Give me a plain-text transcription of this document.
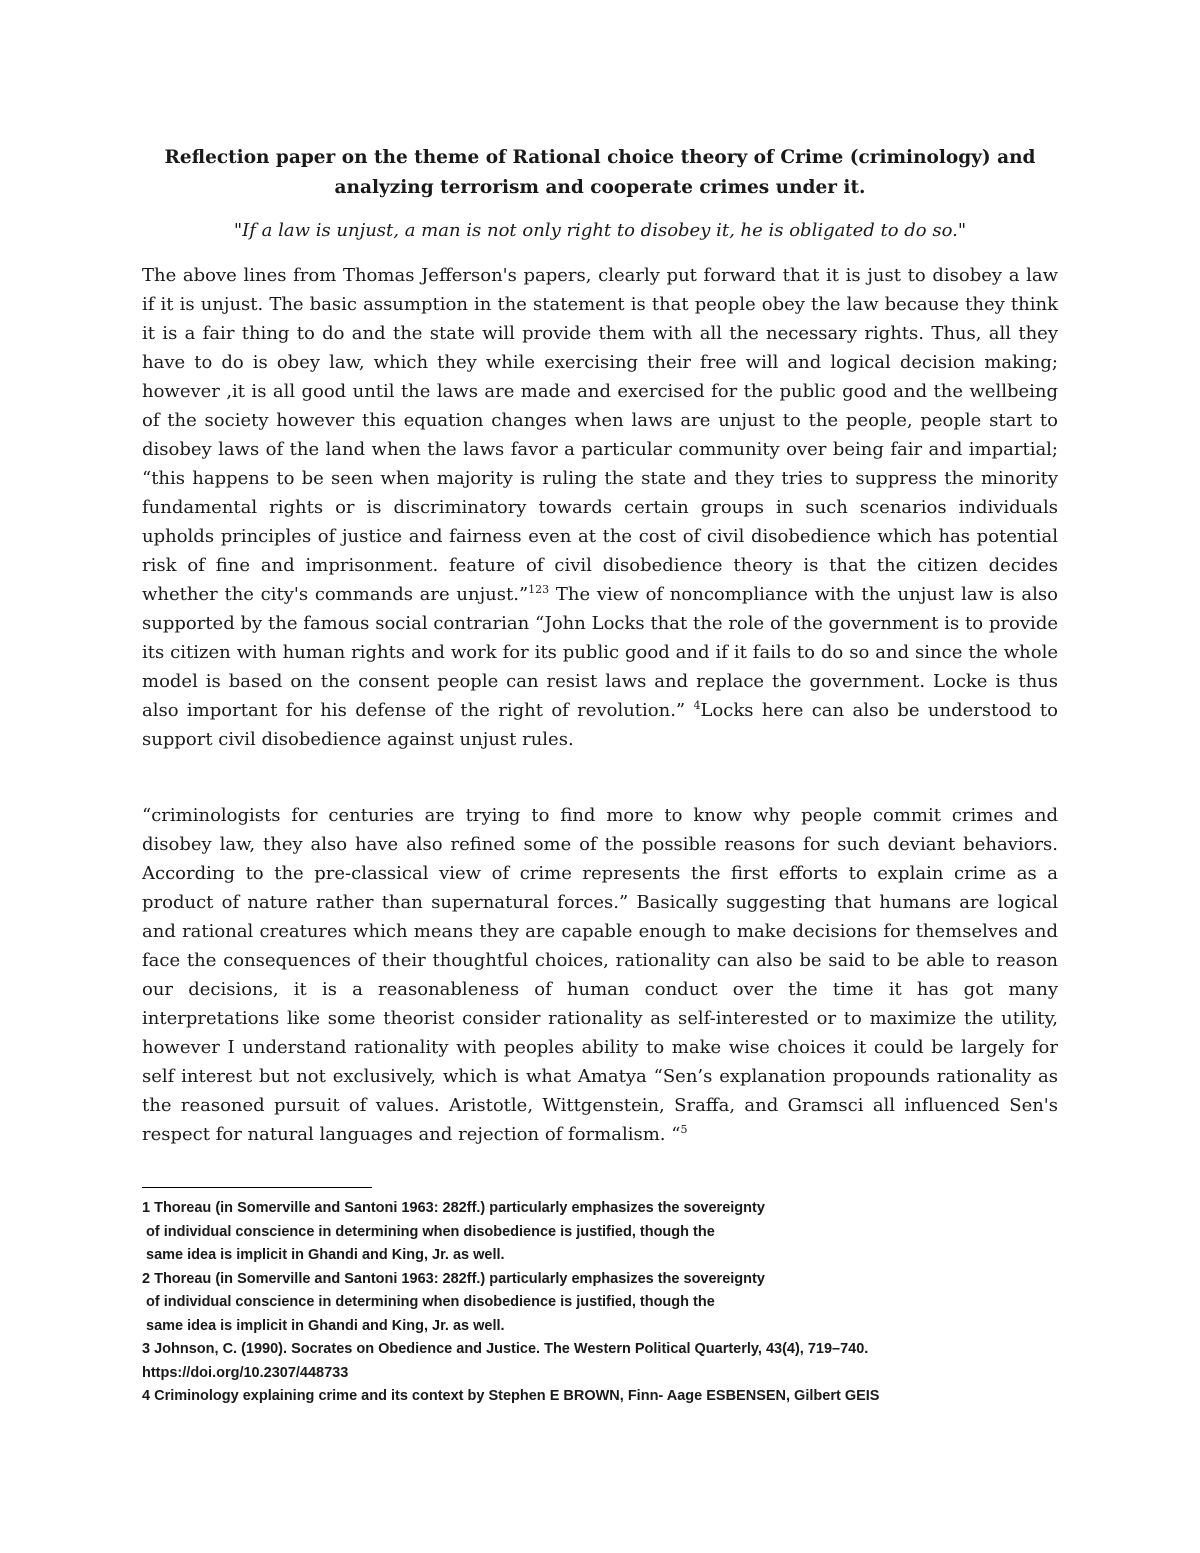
Reflection paper on the theme of Rational choice theory of Crime (criminology) and
analyzing terrorism and cooperate crimes under it.

"If a law is unjust, a man is not only right to disobey it, he is obligated to do so."

The above lines from Thomas Jefferson's papers, clearly put forward that it is just to disobey a law if it is unjust. The basic assumption in the statement is that people obey the law because they think it is a fair thing to do and the state will provide them with all the necessary rights. Thus, all they have to do is obey law, which they while exercising their free will and logical decision making; however ,it is all good until the laws are made and exercised for the public good and the wellbeing of the society however this equation changes when laws are unjust to the people, people start to disobey laws of the land when the laws favor a particular community over being fair and impartial; “this happens to be seen when majority is ruling the state and they tries to suppress the minority fundamental rights or is discriminatory towards certain groups in such scenarios individuals upholds principles of justice and fairness even at the cost of civil disobedience which has potential risk of fine and imprisonment. feature of civil disobedience theory is that the citizen decides whether the city's commands are unjust.”$^{123}$ The view of noncompliance with the unjust law is also supported by the famous social contrarian “John Locks that the role of the government is to provide its citizen with human rights and work for its public good and if it fails to do so and since the whole model is based on the consent people can resist laws and replace the government. Locke is thus also important for his defense of the right of revolution.” $^4$Locks here can also be understood to support civil disobedience against unjust rules.

“criminologists for centuries are trying to find more to know why people commit crimes and disobey law, they also have also refined some of the possible reasons for such deviant behaviors. According to the pre-classical view of crime represents the first efforts to explain crime as a product of nature rather than supernatural forces.” Basically suggesting that humans are logical and rational creatures which means they are capable enough to make decisions for themselves and face the consequences of their thoughtful choices, rationality can also be said to be able to reason our decisions, it is a reasonableness of human conduct over the time it has got many interpretations like some theorist consider rationality as self-interested or to maximize the utility, however I understand rationality with peoples ability to make wise choices it could be largely for self interest but not exclusively, which is what Amatya “Sen’s explanation propounds rationality as the reasoned pursuit of values. Aristotle, Wittgenstein, Sraffa, and Gramsci all influenced Sen's respect for natural languages and rejection of formalism. “$^5$

1 Thoreau (in Somerville and Santoni 1963: 282ff.) particularly emphasizes the sovereignty
of individual conscience in determining when disobedience is justified, though the
same idea is implicit in Ghandi and King, Jr. as well.
2 Thoreau (in Somerville and Santoni 1963: 282ff.) particularly emphasizes the sovereignty
of individual conscience in determining when disobedience is justified, though the
same idea is implicit in Ghandi and King, Jr. as well.
3 Johnson, C. (1990). Socrates on Obedience and Justice. The Western Political Quarterly, 43(4), 719–740.
https://doi.org/10.2307/448733
4 Criminology explaining crime and its context by Stephen E BROWN, Finn- Aage ESBENSEN, Gilbert GEIS
